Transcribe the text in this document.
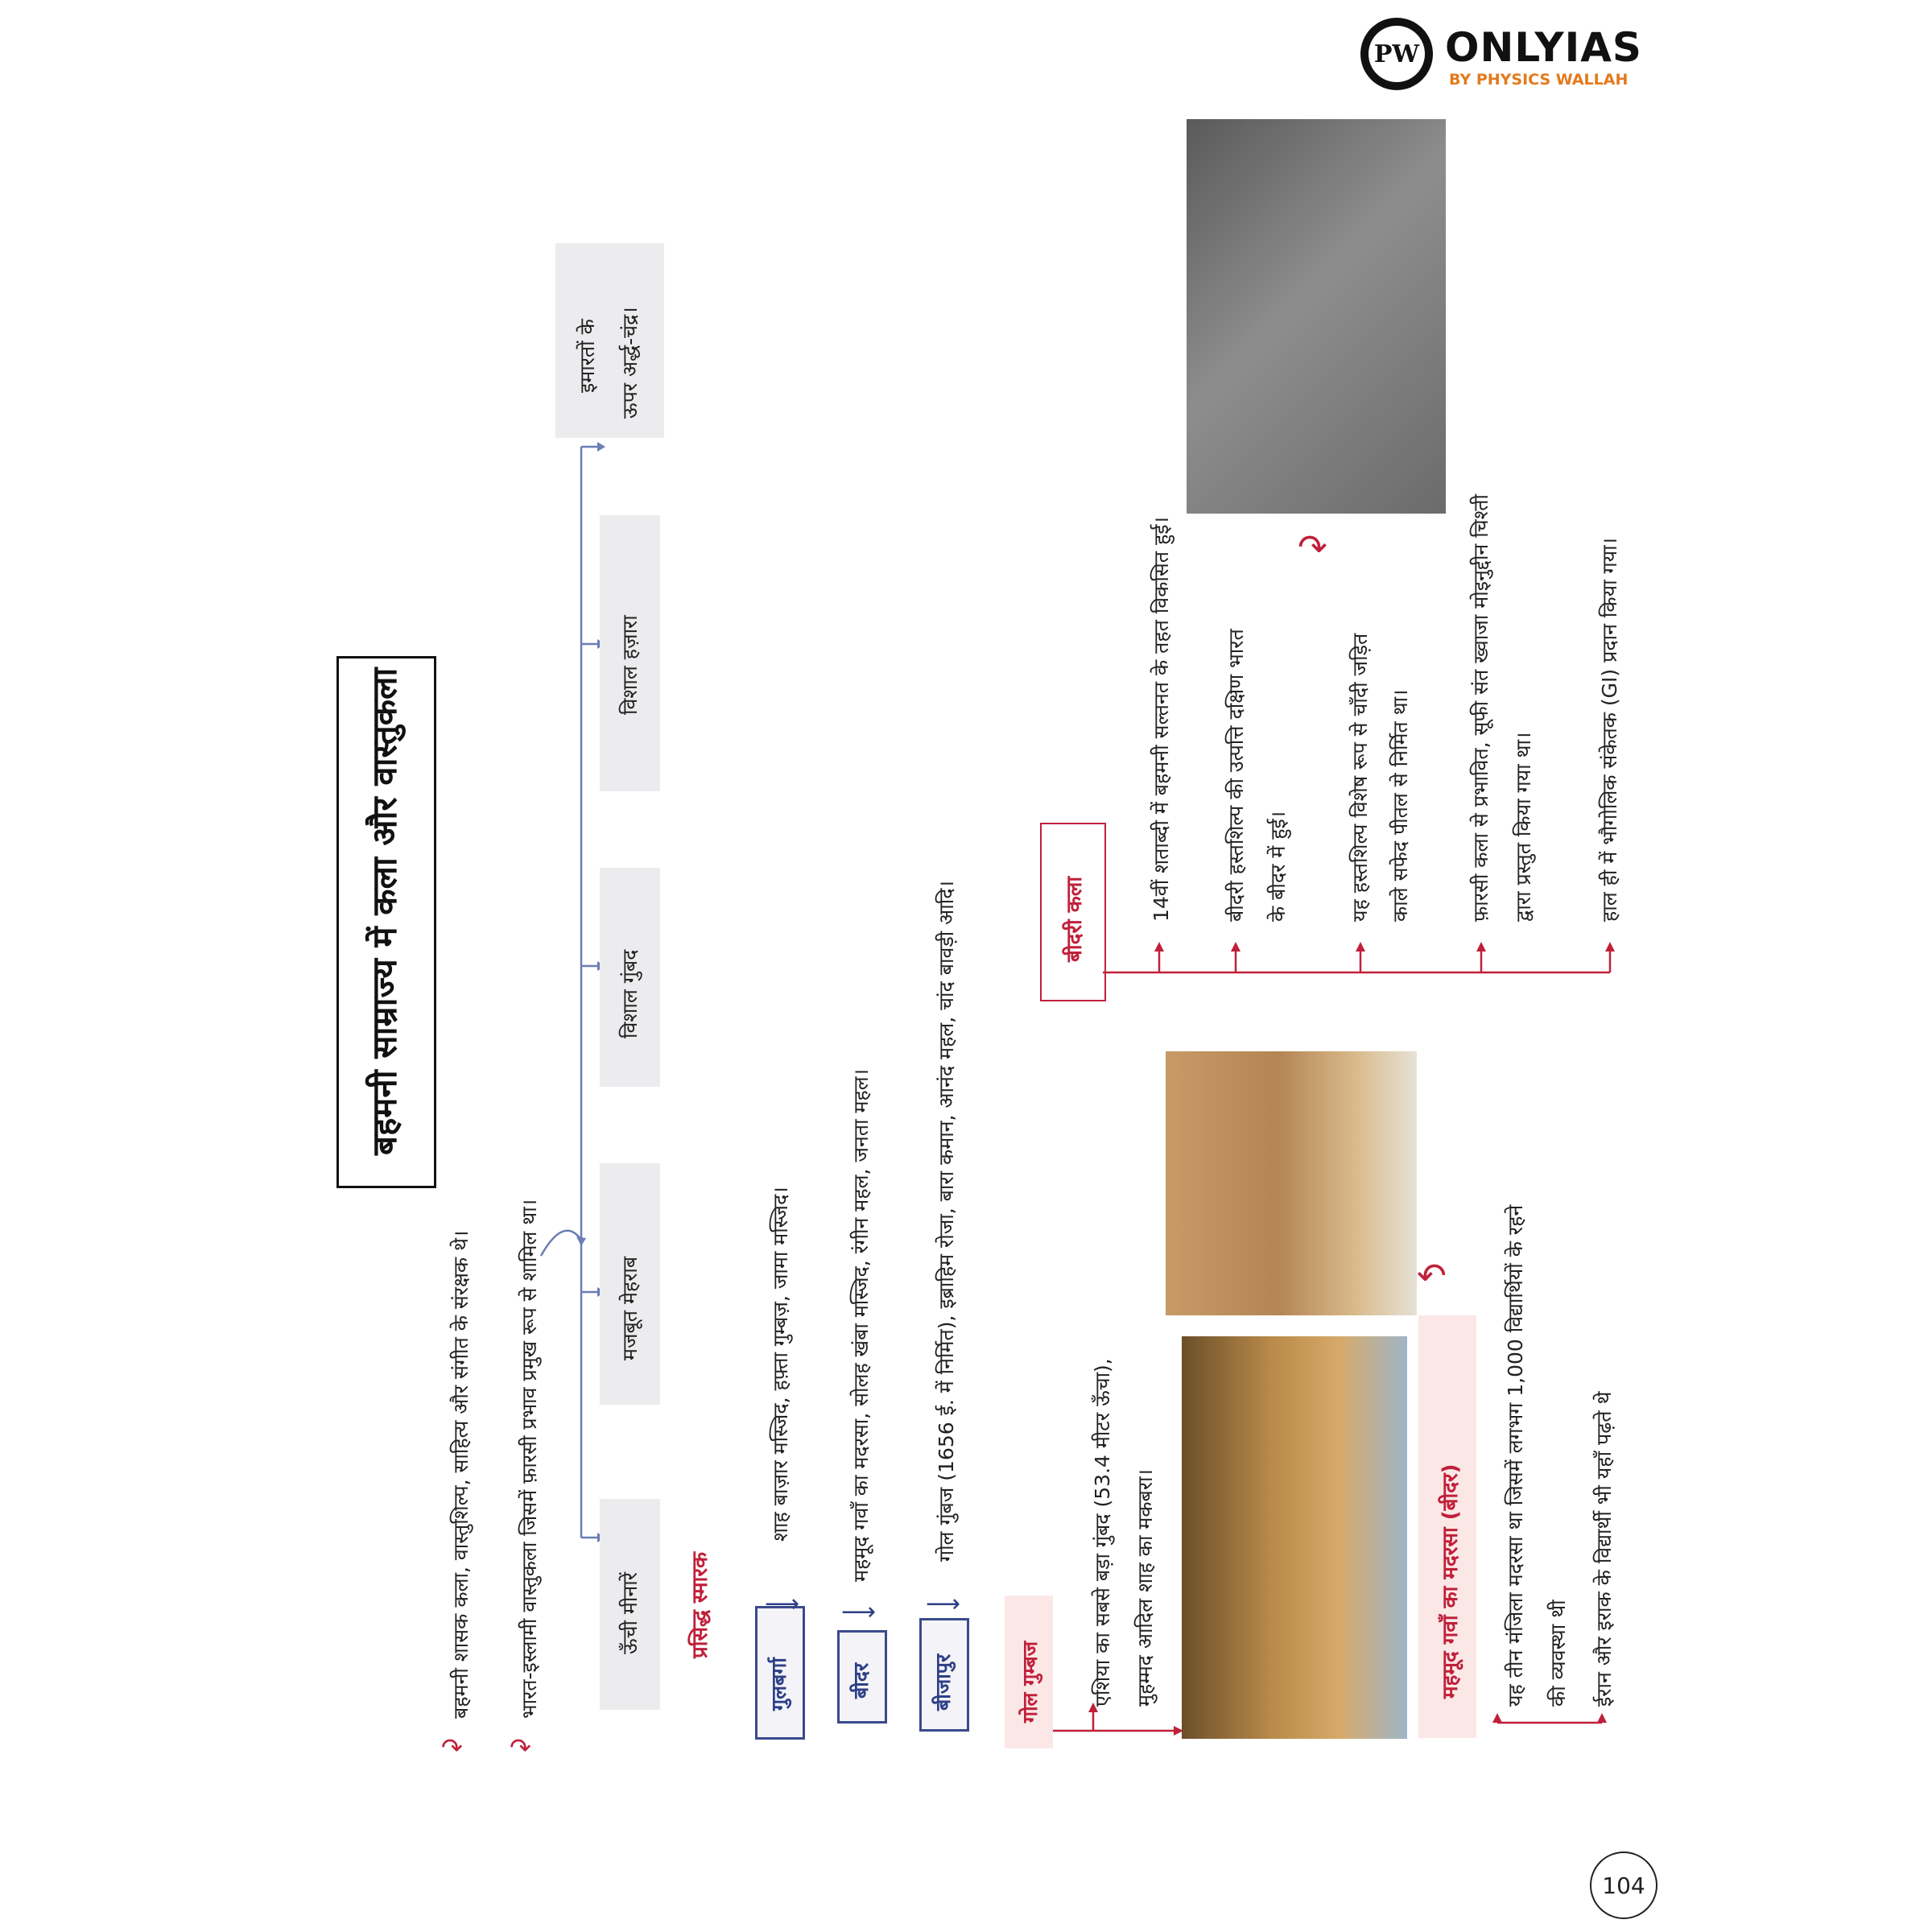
PW ONLYIAS
BY PHYSICS WALLAH
बहमनी साम्राज्य में कला और वास्तुकला
बहमनी शासक कला, वास्तुशिल्प, साहित्य और संगीत के संरक्षक थे।
↷
भारत-इस्लामी वास्तुकला जिसमें फ़ारसी प्रभाव प्रमुख रूप से शामिल था।
↷
ऊँची मीनारें
मजबूत मेहराब
विशाल गुंबद
विशाल हज़ारा
इमारतों के ऊपर अर्द्ध-चंद्र।
प्रसिद्ध स्मारक
गुलबर्गा
⟶
शाह बाज़ार मस्जिद, हफ़्ता गुम्बज़, जामा मस्जिद।
बीदर
⟶
महमूद गवाँ का मदरसा, सोलह खंबा मस्जिद, रंगीन महल, जनता महल।
बीजापुर
⟶
गोल गुंबज (1656 ई. में निर्मित), इब्राहिम रोजा, बारा कमान, आनंद महल, चांद बावड़ी आदि।
गोल गुम्बज एशिया का सबसे बड़ा गुंबद (53.4 मीटर ऊँचा), मुहम्मद आदिल शाह का मकबरा।
↶
महमूद गवाँ का मदरसा (बीदर) यह तीन मंजिला मदरसा था जिसमें लगभग 1,000 विद्यार्थियों के रहने की व्यवस्था थी ईरान और इराक के विद्यार्थी भी यहाँ पढ़ते थे
↷
बीदरी कला	14वीं शताब्दी में बहमनी सल्तनत के तहत विकसित हुई।	बीदरी हस्तशिल्प की उत्पत्ति दक्षिण भारत के बीदर में हुई।	यह हस्तशिल्प विशेष रूप से चाँदी जड़ित काले सफेद पीतल से निर्मित था।	फ़ारसी कला से प्रभावित, सूफी संत ख्वाजा मोइनुद्दीन चिश्ती द्वारा प्रस्तुत किया गया था।	हाल ही में भौगोलिक संकेतक (GI) प्रदान किया गया।
104
